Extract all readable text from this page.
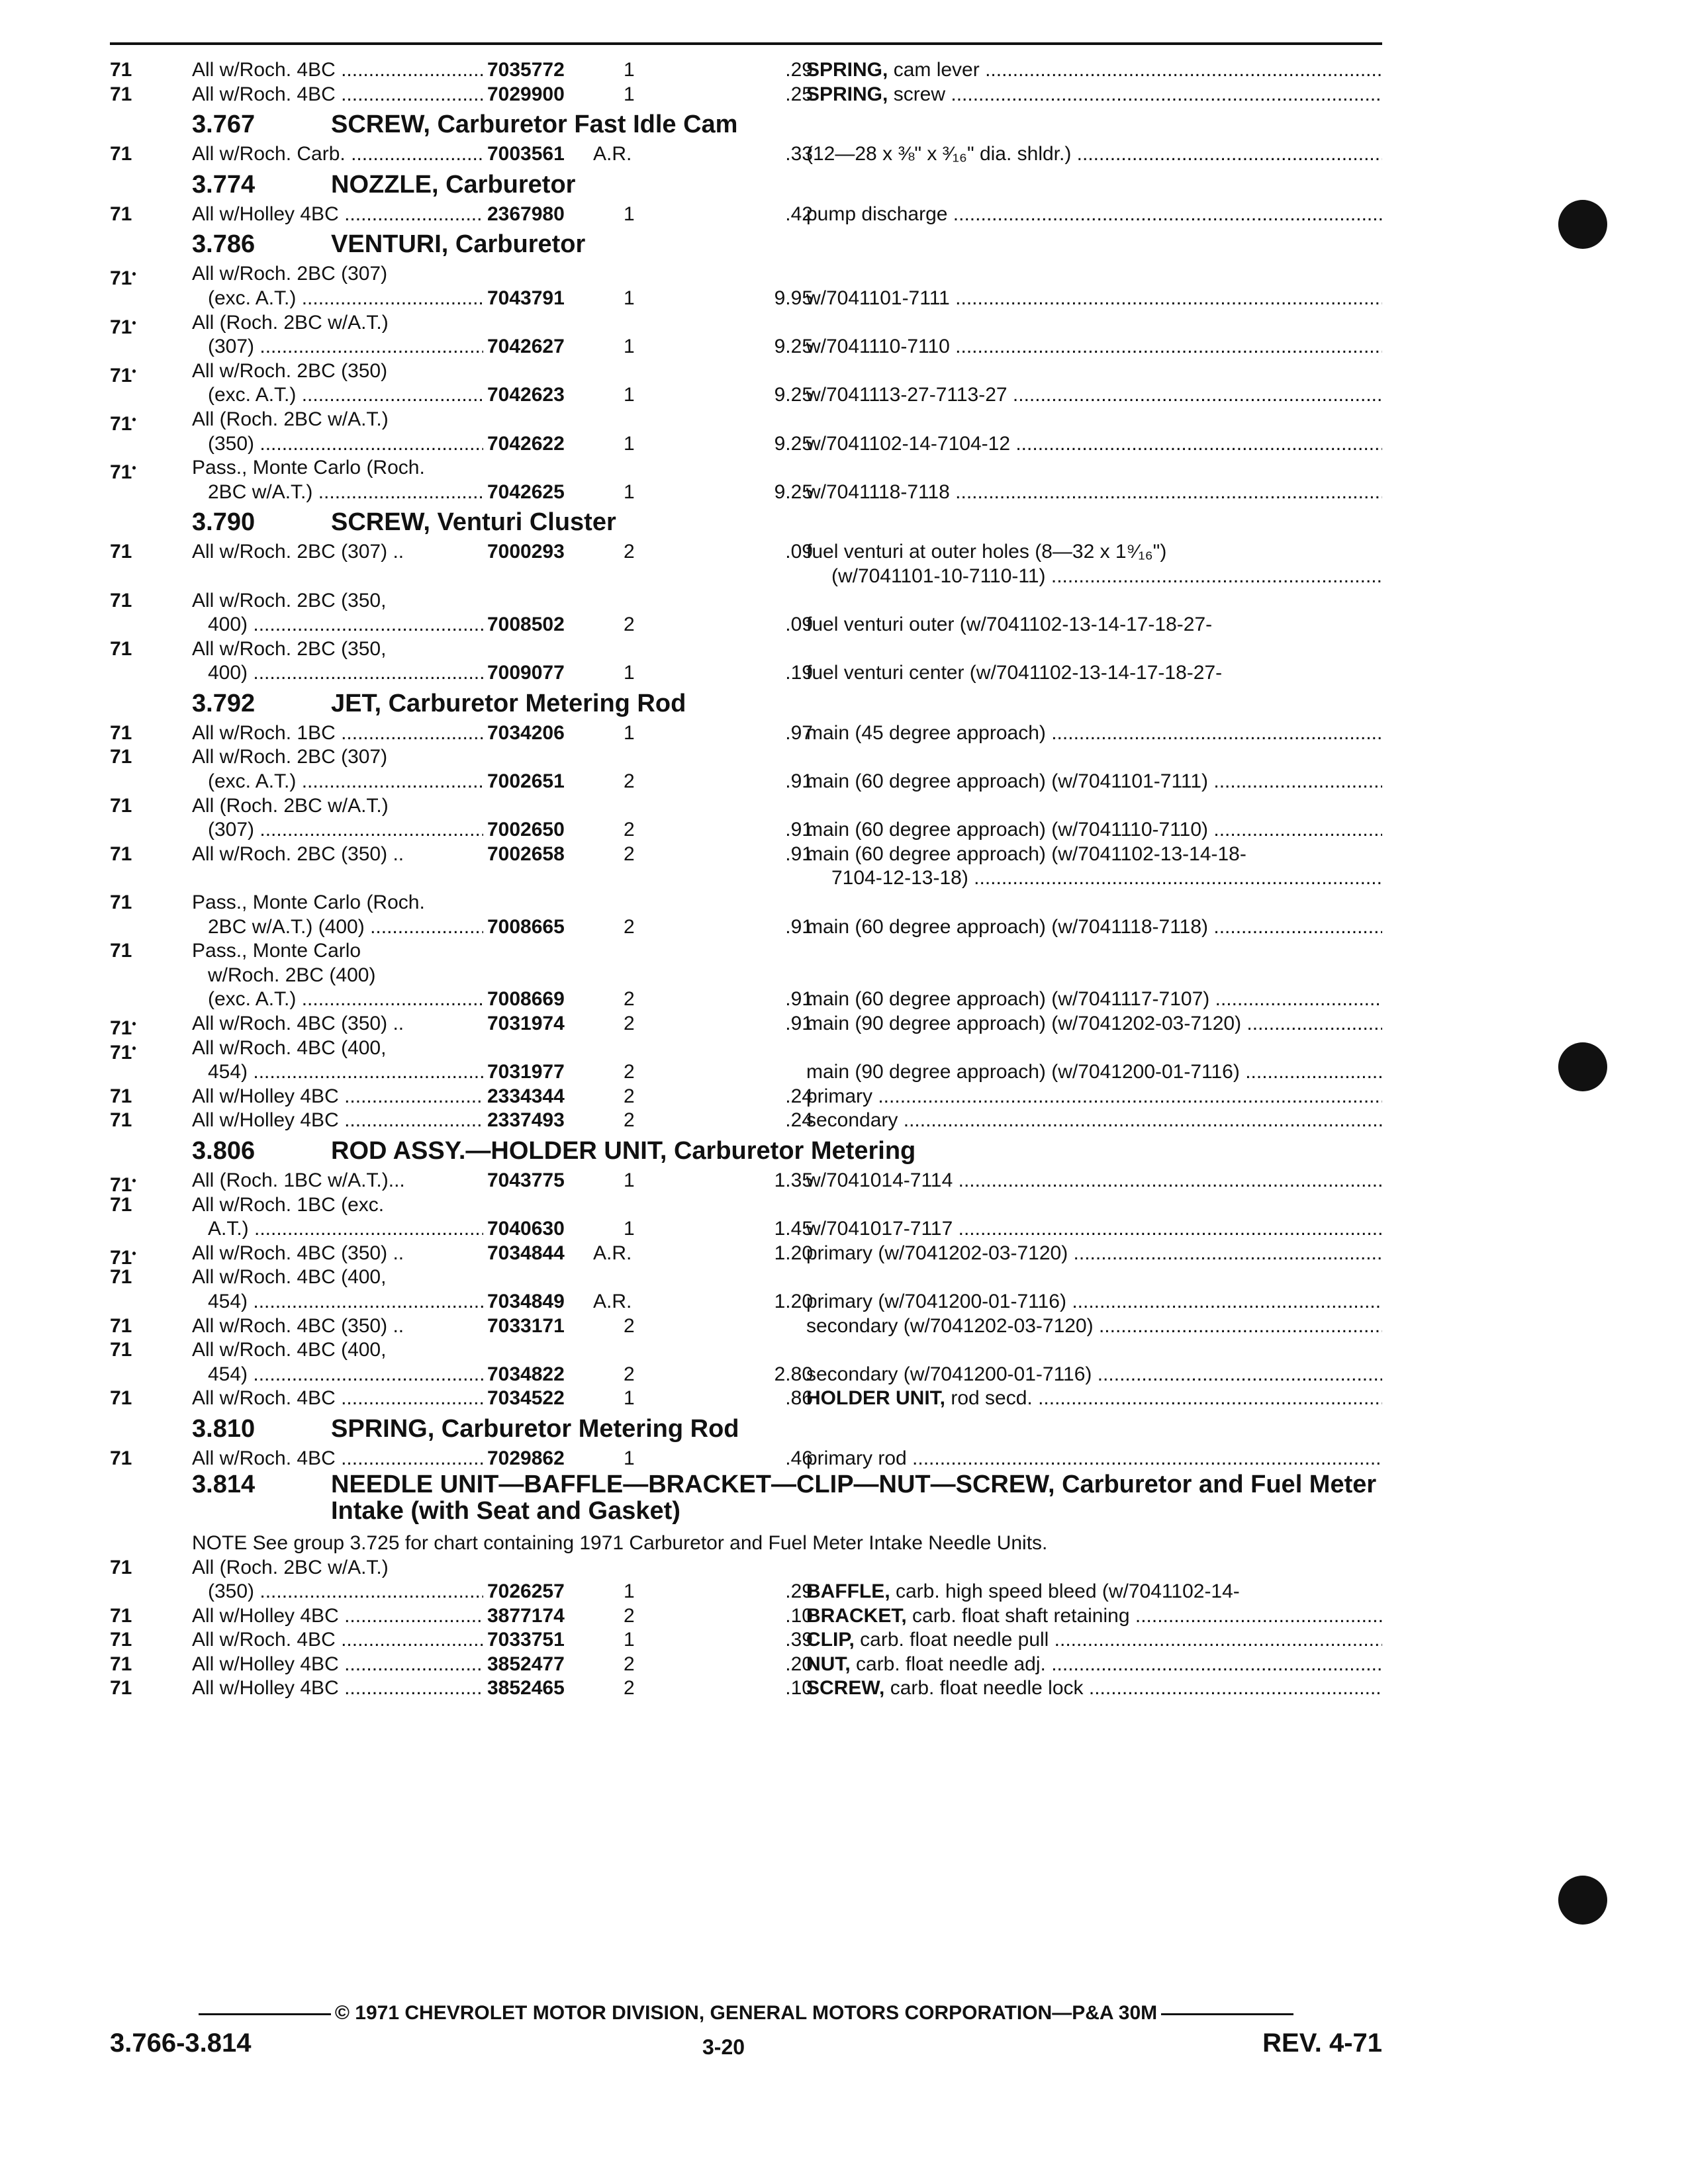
71	All w/Roch. 4BC .....	7035772	1	.29
SPRING, cam lever .....
71	All w/Roch. 4BC .....	7029900	1	.25
SPRING, screw .....
3.767	SCREW, Carburetor Fast Idle Cam
71	All w/Roch. Carb. .....	7003561 A.R.	.33
(12—28 x ⅜" x ³⁄₁₆" dia. shldr.) .....
3.774	NOZZLE, Carburetor
71	All w/Holley 4BC .....	2367980	1	.42
pump discharge .....
3.786	VENTURI, Carburetor
71•	All w/Roch. 2BC (307)
(exc. A.T.) .....	7043791	1	9.95
w/7041101-7111 .....
71•	All (Roch. 2BC w/A.T.)
(307) .....	7042627	1	9.25
w/7041110-7110 .....
71•	All w/Roch. 2BC (350)
(exc. A.T.) .....	7042623	1	9.25
w/7041113-27-7113-27 .....
71•	All (Roch. 2BC w/A.T.)
(350) .....	7042622	1	9.25
w/7041102-14-7104-12 .....
71•	Pass., Monte Carlo (Roch.
2BC w/A.T.) .....	7042625	1	9.25
w/7041118-7118 .....
3.790	SCREW, Venturi Cluster
71	All w/Roch. 2BC (307) ..	7000293	2	.09
fuel venturi at outer holes (8—32 x 1⁹⁄₁₆")
(w/7041101-10-7110-11) .....
71	All w/Roch. 2BC (350,
400) .....	7008502	2	.09
fuel venturi outer (w/7041102-13-14-17-18-27-
71	All w/Roch. 2BC (350,
400) .....	7009077	1	.19
fuel venturi center (w/7041102-13-14-17-18-27-
3.792	JET, Carburetor Metering Rod
71	All w/Roch. 1BC .....	7034206	1	.97
main (45 degree approach) .....
71	All w/Roch. 2BC (307)
(exc. A.T.) .....	7002651	2	.91
main (60 degree approach) (w/7041101-7111) .....
71	All (Roch. 2BC w/A.T.)
(307) .....	7002650	2	.91
main (60 degree approach) (w/7041110-7110) .....
71	All w/Roch. 2BC (350) ..	7002658	2	.91
main (60 degree approach) (w/7041102-13-14-18-
7104-12-13-18) .....
71	Pass., Monte Carlo (Roch.
2BC w/A.T.) (400) .....	7008665	2	.91
main (60 degree approach) (w/7041118-7118) .....
71	Pass., Monte Carlo
w/Roch. 2BC (400)
(exc. A.T.) .....	7008669	2	.91
main (60 degree approach) (w/7041117-7107) .....
71•	All w/Roch. 4BC (350) ..	7031974	2	.91
main (90 degree approach) (w/7041202-03-7120) .....
71•	All w/Roch. 4BC (400,
454) .....	7031977	2	main (90 degree approach) (w/7041200-01-7116) .....
71	All w/Holley 4BC .....	2334344	2	.24
primary .....
71	All w/Holley 4BC .....	2337493	2	.24
secondary .....
3.806	ROD ASSY.—HOLDER UNIT, Carburetor Metering
71•	All (Roch. 1BC w/A.T.)...	7043775	1	1.35
w/7041014-7114 .....
71	All w/Roch. 1BC (exc.
A.T.) .....	7040630	1	1.45
w/7041017-7117 .....
71•	All w/Roch. 4BC (350) ..	7034844 A.R.	1.20
primary (w/7041202-03-7120) .....
71	All w/Roch. 4BC (400,
454) .....	7034849 A.R.	1.20
primary (w/7041200-01-7116) .....
71	All w/Roch. 4BC (350) ..	7033171	2	secondary (w/7041202-03-7120) .....
71	All w/Roch. 4BC (400,
454) .....	7034822	2	2.80
secondary (w/7041200-01-7116) .....
71	All w/Roch. 4BC .....	7034522	1	.86
HOLDER UNIT, rod secd. .....
3.810	SPRING, Carburetor Metering Rod
71	All w/Roch. 4BC .....	7029862	1	.46
primary rod .....
3.814	NEEDLE UNIT—BAFFLE—BRACKET—CLIP—NUT—SCREW, Carburetor and Fuel Meter Intake (with Seat and Gasket)
NOTE See group 3.725 for chart containing 1971 Carburetor and Fuel Meter Intake Needle Units.
71	All (Roch. 2BC w/A.T.)
(350) .....	7026257	1	.29
BAFFLE, carb. high speed bleed (w/7041102-14-
71	All w/Holley 4BC .....	3877174	2	.10
BRACKET, carb. float shaft retaining .....
71	All w/Roch. 4BC .....	7033751	1	.39
CLIP, carb. float needle pull .....
71	All w/Holley 4BC .....	3852477	2	.20
NUT, carb. float needle adj. .....
71	All w/Holley 4BC .....	3852465	2	.10
SCREW, carb. float needle lock .....
© 1971 CHEVROLET MOTOR DIVISION, GENERAL MOTORS CORPORATION—P&A 30M
3.766-3.814	3-20	REV. 4-71
